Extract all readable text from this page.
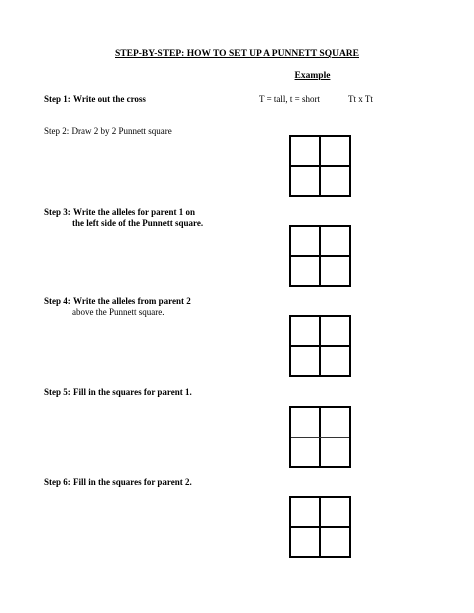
STEP-BY-STEP: HOW TO SET UP A PUNNETT SQUARE
Example
Step 1: Write out the cross	T = tall, t = short	Tt x Tt
Step 2: Draw 2 by 2 Punnett square
Step 3: Write the alleles for parent 1 on
the left side of the Punnett square.
Step 4: Write the alleles from parent 2
above the Punnett square.
Step 5: Fill in the squares for parent 1.
Step 6: Fill in the squares for parent 2.
